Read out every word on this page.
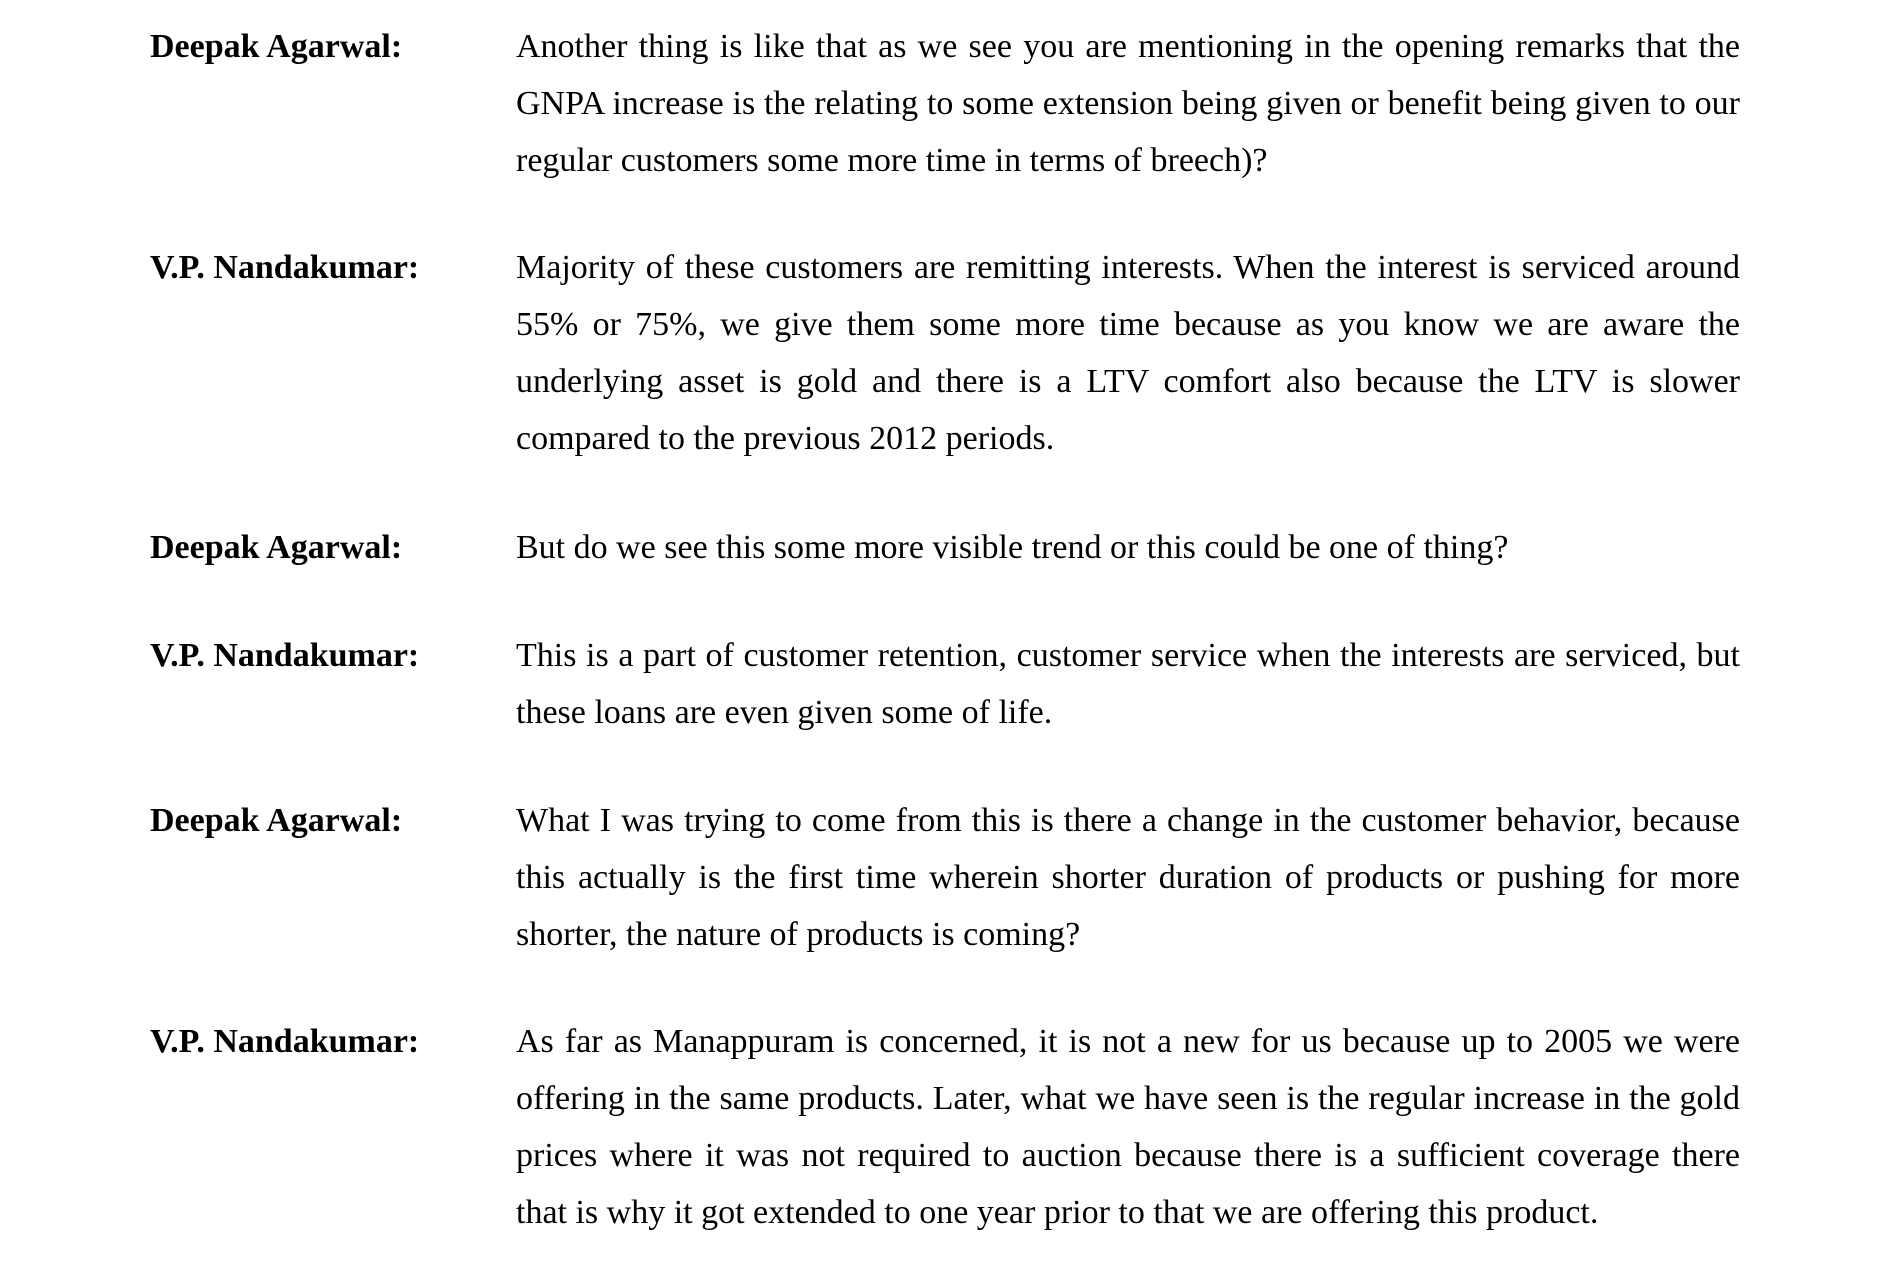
Deepak Agarwal:	Another thing is like that as we see you are mentioning in the opening remarks that the GNPA increase is the relating to some extension being given or benefit being given to our regular customers some more time in terms of breech)?
V.P. Nandakumar:	Majority of these customers are remitting interests. When the interest is serviced around 55% or 75%, we give them some more time because as you know we are aware the underlying asset is gold and there is a LTV comfort also because the LTV is slower compared to the previous 2012 periods.
Deepak Agarwal:	But do we see this some more visible trend or this could be one of thing?
V.P. Nandakumar:	This is a part of customer retention, customer service when the interests are serviced, but these loans are even given some of life.
Deepak Agarwal:	What I was trying to come from this is there a change in the customer behavior, because this actually is the first time wherein shorter duration of products or pushing for more shorter, the nature of products is coming?
V.P. Nandakumar:	As far as Manappuram is concerned, it is not a new for us because up to 2005 we were offering in the same products. Later, what we have seen is the regular increase in the gold prices where it was not required to auction because there is a sufficient coverage there that is why it got extended to one year prior to that we are offering this product.
